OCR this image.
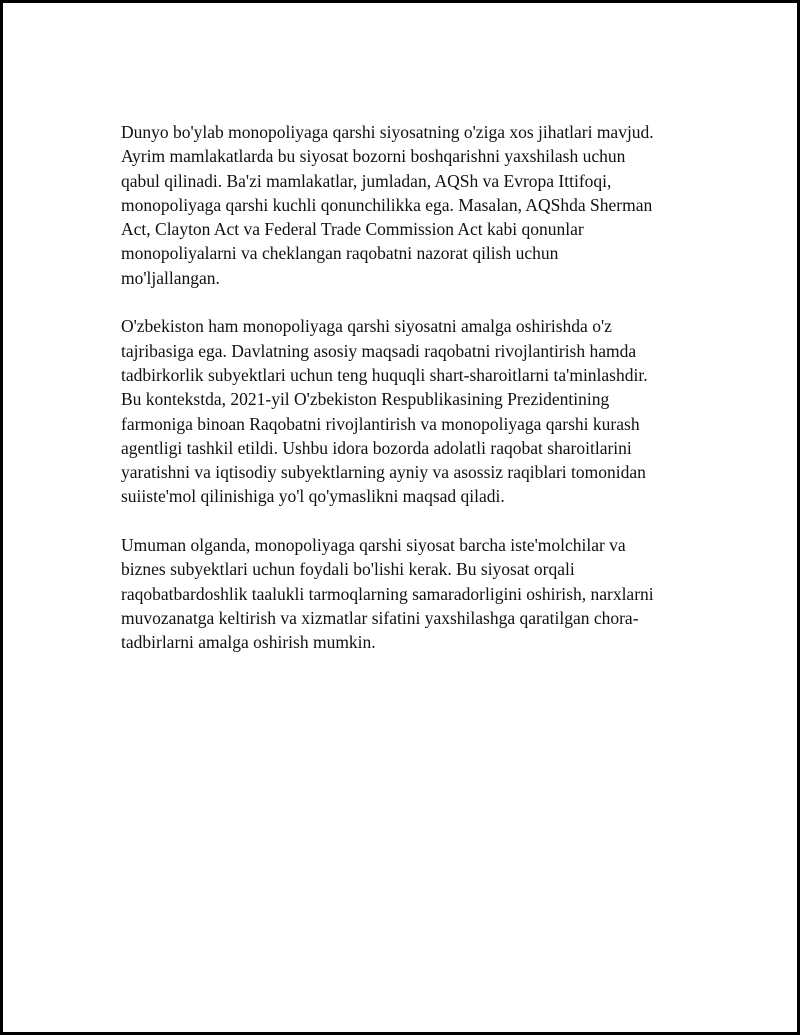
Dunyo bo'ylab monopoliyaga qarshi siyosatning o'ziga xos jihatlari mavjud.
Ayrim mamlakatlarda bu siyosat bozorni boshqarishni yaxshilash uchun
qabul qilinadi. Ba'zi mamlakatlar, jumladan, AQSh va Evropa Ittifoqi,
monopoliyaga qarshi kuchli qonunchilikka ega. Masalan, AQShda Sherman
Act, Clayton Act va Federal Trade Commission Act kabi qonunlar
monopoliyalarni va cheklangan raqobatni nazorat qilish uchun
mo'ljallangan.

O'zbekiston ham monopoliyaga qarshi siyosatni amalga oshirishda o'z
tajribasiga ega. Davlatning asosiy maqsadi raqobatni rivojlantirish hamda
tadbirkorlik subyektlari uchun teng huquqli shart-sharoitlarni ta'minlashdir.
Bu kontekstda, 2021-yil O'zbekiston Respublikasining Prezidentining
farmoniga binoan Raqobatni rivojlantirish va monopoliyaga qarshi kurash
agentligi tashkil etildi. Ushbu idora bozorda adolatli raqobat sharoitlarini
yaratishni va iqtisodiy subyektlarning ayniy va asossiz raqiblari tomonidan
suiiste'mol qilinishiga yo'l qo'ymaslikni maqsad qiladi.

Umuman olganda, monopoliyaga qarshi siyosat barcha iste'molchilar va
biznes subyektlari uchun foydali bo'lishi kerak. Bu siyosat orqali
raqobatbardoshlik taalukli tarmoqlarning samaradorligini oshirish, narxlarni
muvozanatga keltirish va xizmatlar sifatini yaxshilashga qaratilgan chora-
tadbirlarni amalga oshirish mumkin.
